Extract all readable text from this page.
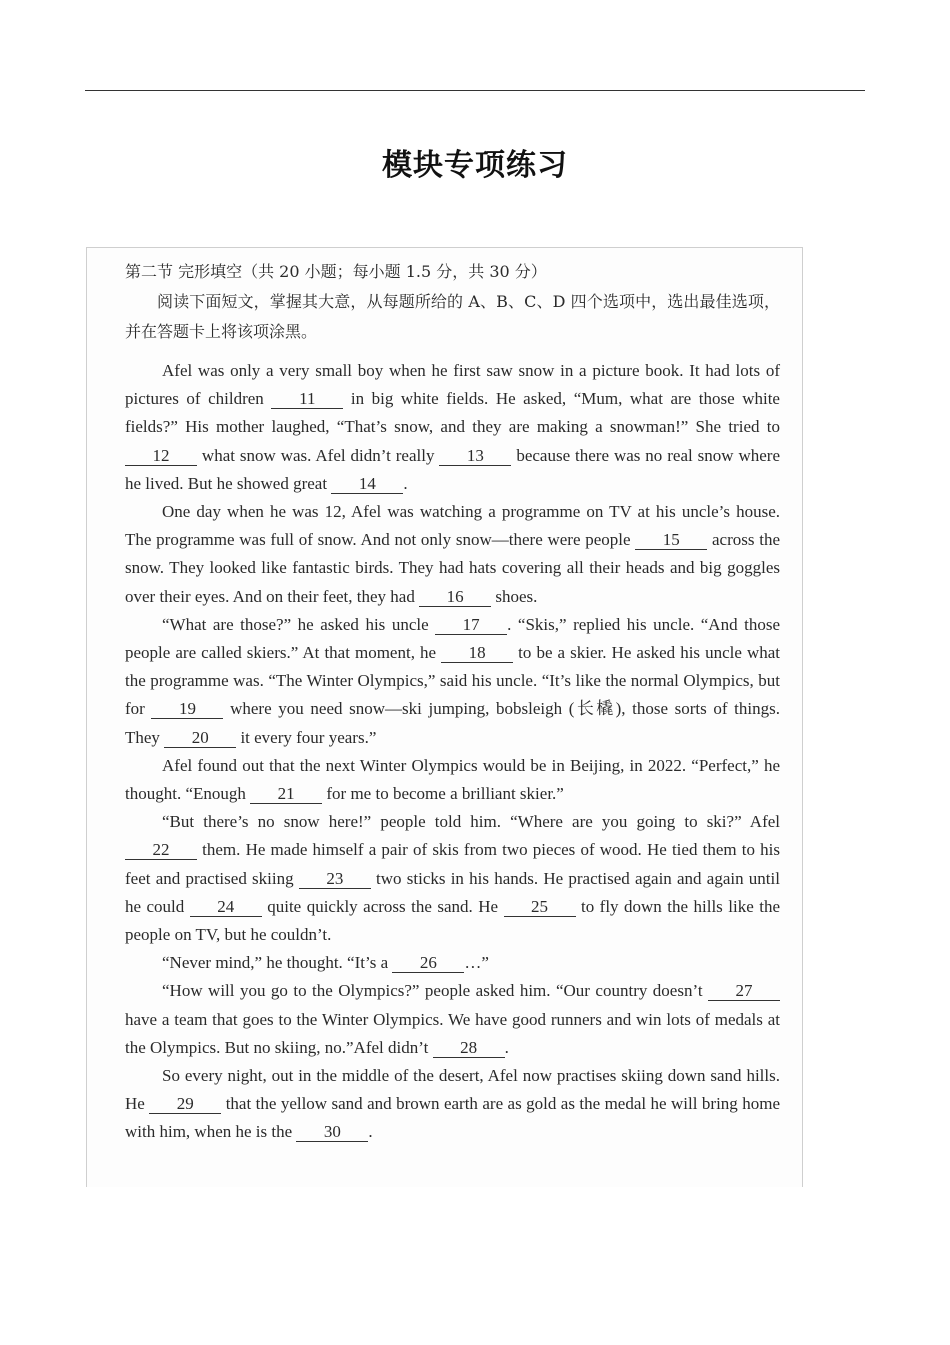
模块专项练习
第二节 完形填空（共 20 小题；每小题 1.5 分，共 30 分）
阅读下面短文，掌握其大意，从每题所给的 A、B、C、D 四个选项中，选出最佳选项，并在答题卡上将该项涂黑。

Afel was only a very small boy when he first saw snow in a picture book. It had lots of pictures of children 11 in big white fields. He asked, “Mum, what are those white fields?” His mother laughed, “That’s snow, and they are making a snowman!” She tried to 12 what snow was. Afel didn’t really 13 because there was no real snow where he lived. But he showed great 14 .

One day when he was 12, Afel was watching a programme on TV at his uncle’s house. The programme was full of snow. And not only snow—there were people 15 across the snow. They looked like fantastic birds. They had hats covering all their heads and big goggles over their eyes. And on their feet, they had 16 shoes.

“What are those?” he asked his uncle 17 . “Skis,” replied his uncle. “And those people are called skiers.” At that moment, he 18 to be a skier. He asked his uncle what the programme was. “The Winter Olympics,” said his uncle. “It’s like the normal Olympics, but for 19 where you need snow—ski jumping, bobsleigh (长橇), those sorts of things. They 20 it every four years.”

Afel found out that the next Winter Olympics would be in Beijing, in 2022. “Perfect,” he thought. “Enough 21 for me to become a brilliant skier.”

“But there’s no snow here!” people told him. “Where are you going to ski?” Afel 22 them. He made himself a pair of skis from two pieces of wood. He tied them to his feet and practised skiing 23 two sticks in his hands. He practised again and again until he could 24 quite quickly across the sand. He 25 to fly down the hills like the people on TV, but he couldn’t.

“Never mind,” he thought. “It’s a 26 …”

“How will you go to the Olympics?” people asked him. “Our country doesn’t 27 have a team that goes to the Winter Olympics. We have good runners and win lots of medals at the Olympics. But no skiing, no.”Afel didn’t 28 .

So every night, out in the middle of the desert, Afel now practises skiing down sand hills. He 29 that the yellow sand and brown earth are as gold as the medal he will bring home with him, when he is the 30 .
